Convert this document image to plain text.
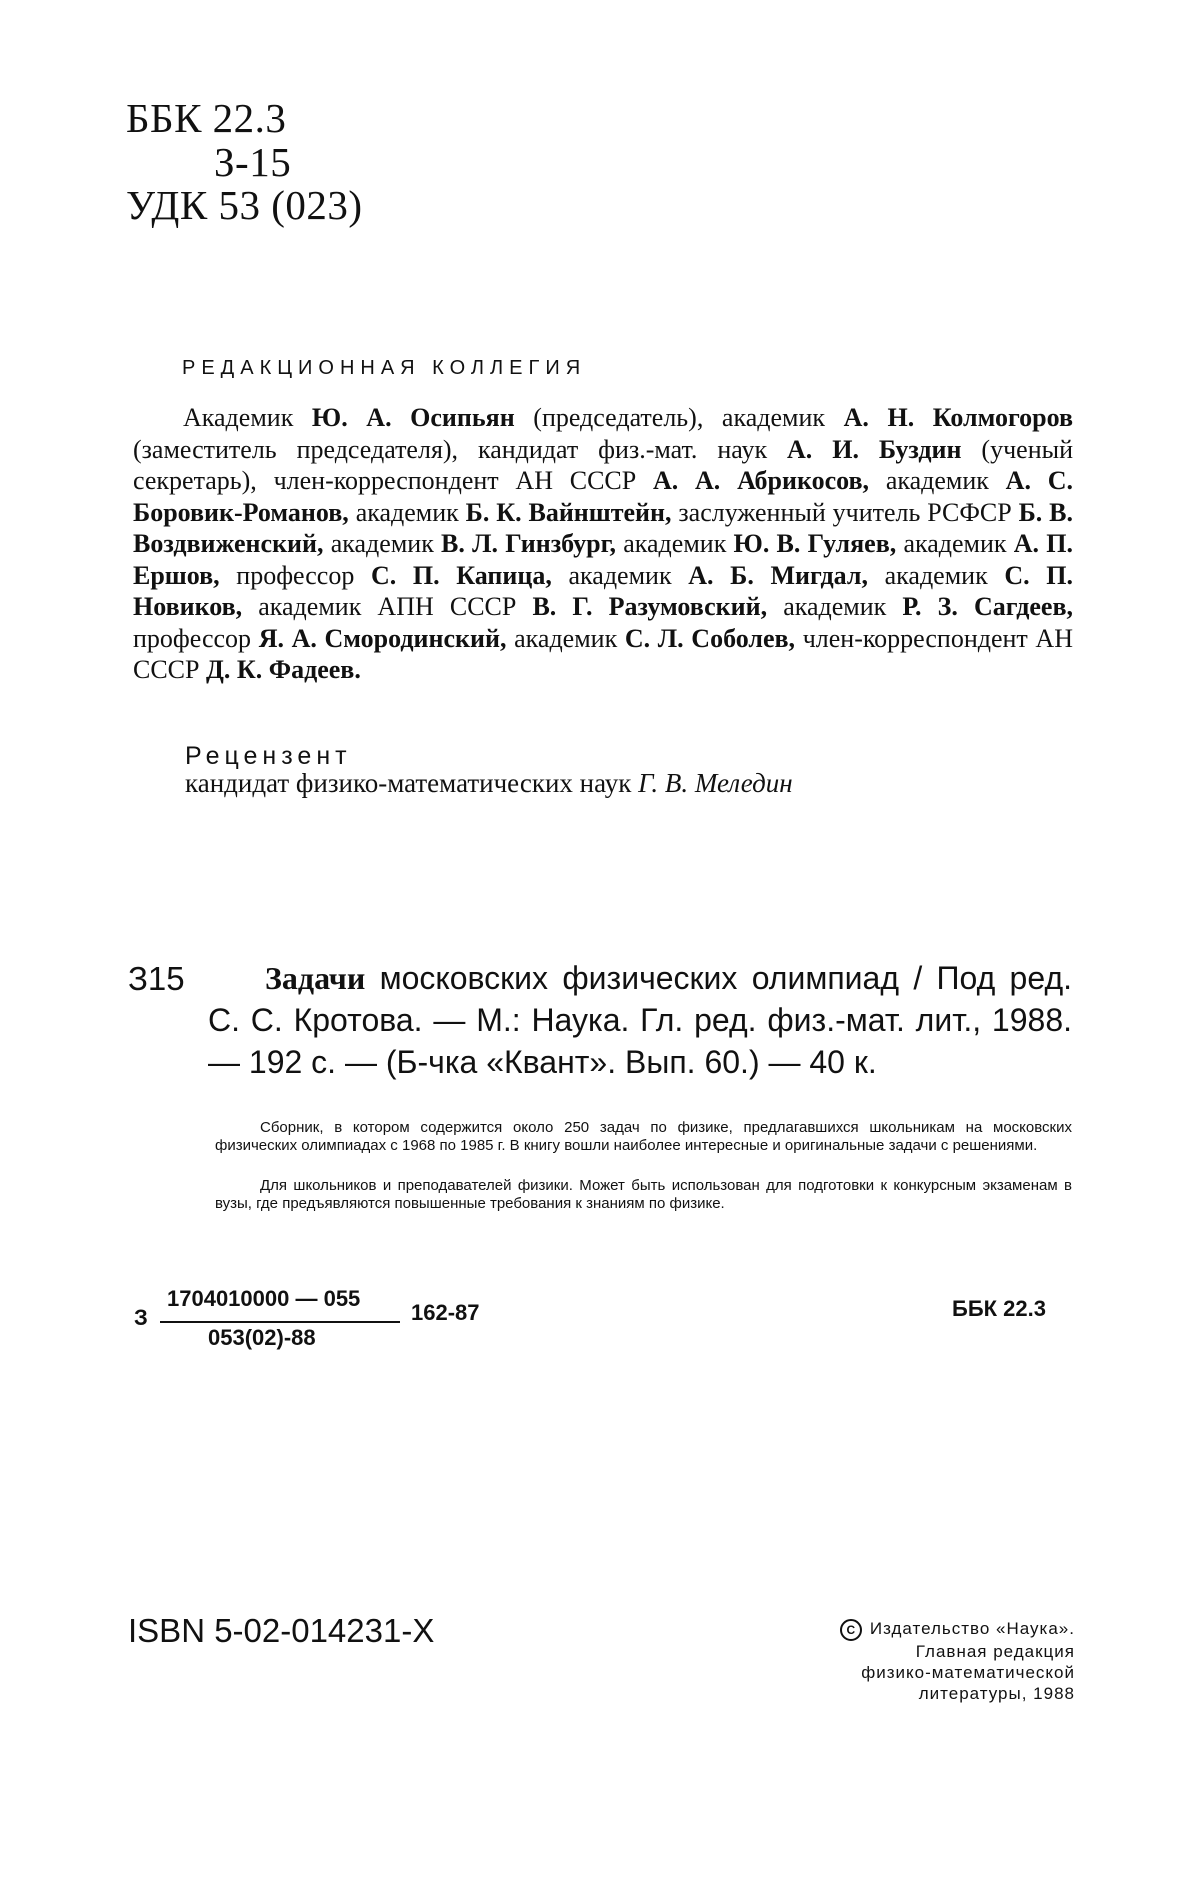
ББК 22.3
З-15
УДК 53 (023)
РЕДАКЦИОННАЯ КОЛЛЕГИЯ
Академик Ю. А. Осипьян (председатель), академик А. Н. Колмогоров (заместитель председателя), кандидат физ.-мат. наук А. И. Буздин (ученый секретарь), член-корреспондент АН СССР А. А. Абрикосов, академик А. С. Боровик-Романов, академик Б. К. Вайнштейн, заслуженный учитель РСФСР Б. В. Воздвиженский, академик В. Л. Гинзбург, академик Ю. В. Гуляев, академик А. П. Ершов, профессор С. П. Капица, академик А. Б. Мигдал, академик С. П. Новиков, академик АПН СССР В. Г. Разумовский, академик Р. З. Сагдеев, профессор Я. А. Смородинский, академик С. Л. Соболев, член-корреспондент АН СССР Д. К. Фадеев.
Рецензент
кандидат физико-математических наук Г. В. Меледин
З15	Задачи московских физических олимпиад / Под ред. С. С. Кротова. — М.: Наука. Гл. ред. физ.-мат. лит., 1988. — 192 с. — (Б-чка «Квант». Вып. 60.) — 40 к.
Сборник, в котором содержится около 250 задач по физике, предлагавшихся школьникам на московских физических олимпиадах с 1968 по 1985 г. В книгу вошли наиболее интересные и оригинальные задачи с решениями.
Для школьников и преподавателей физики. Может быть использован для подготовки к конкурсным экзаменам в вузы, где предъявляются повышенные требования к знаниям по физике.
З
1704010000 — 055
053(02)-88
162-87	ББК 22.3
ISBN 5-02-014231-X	C Издательство «Наука».
Главная редакция
физико-математической
литературы, 1988
